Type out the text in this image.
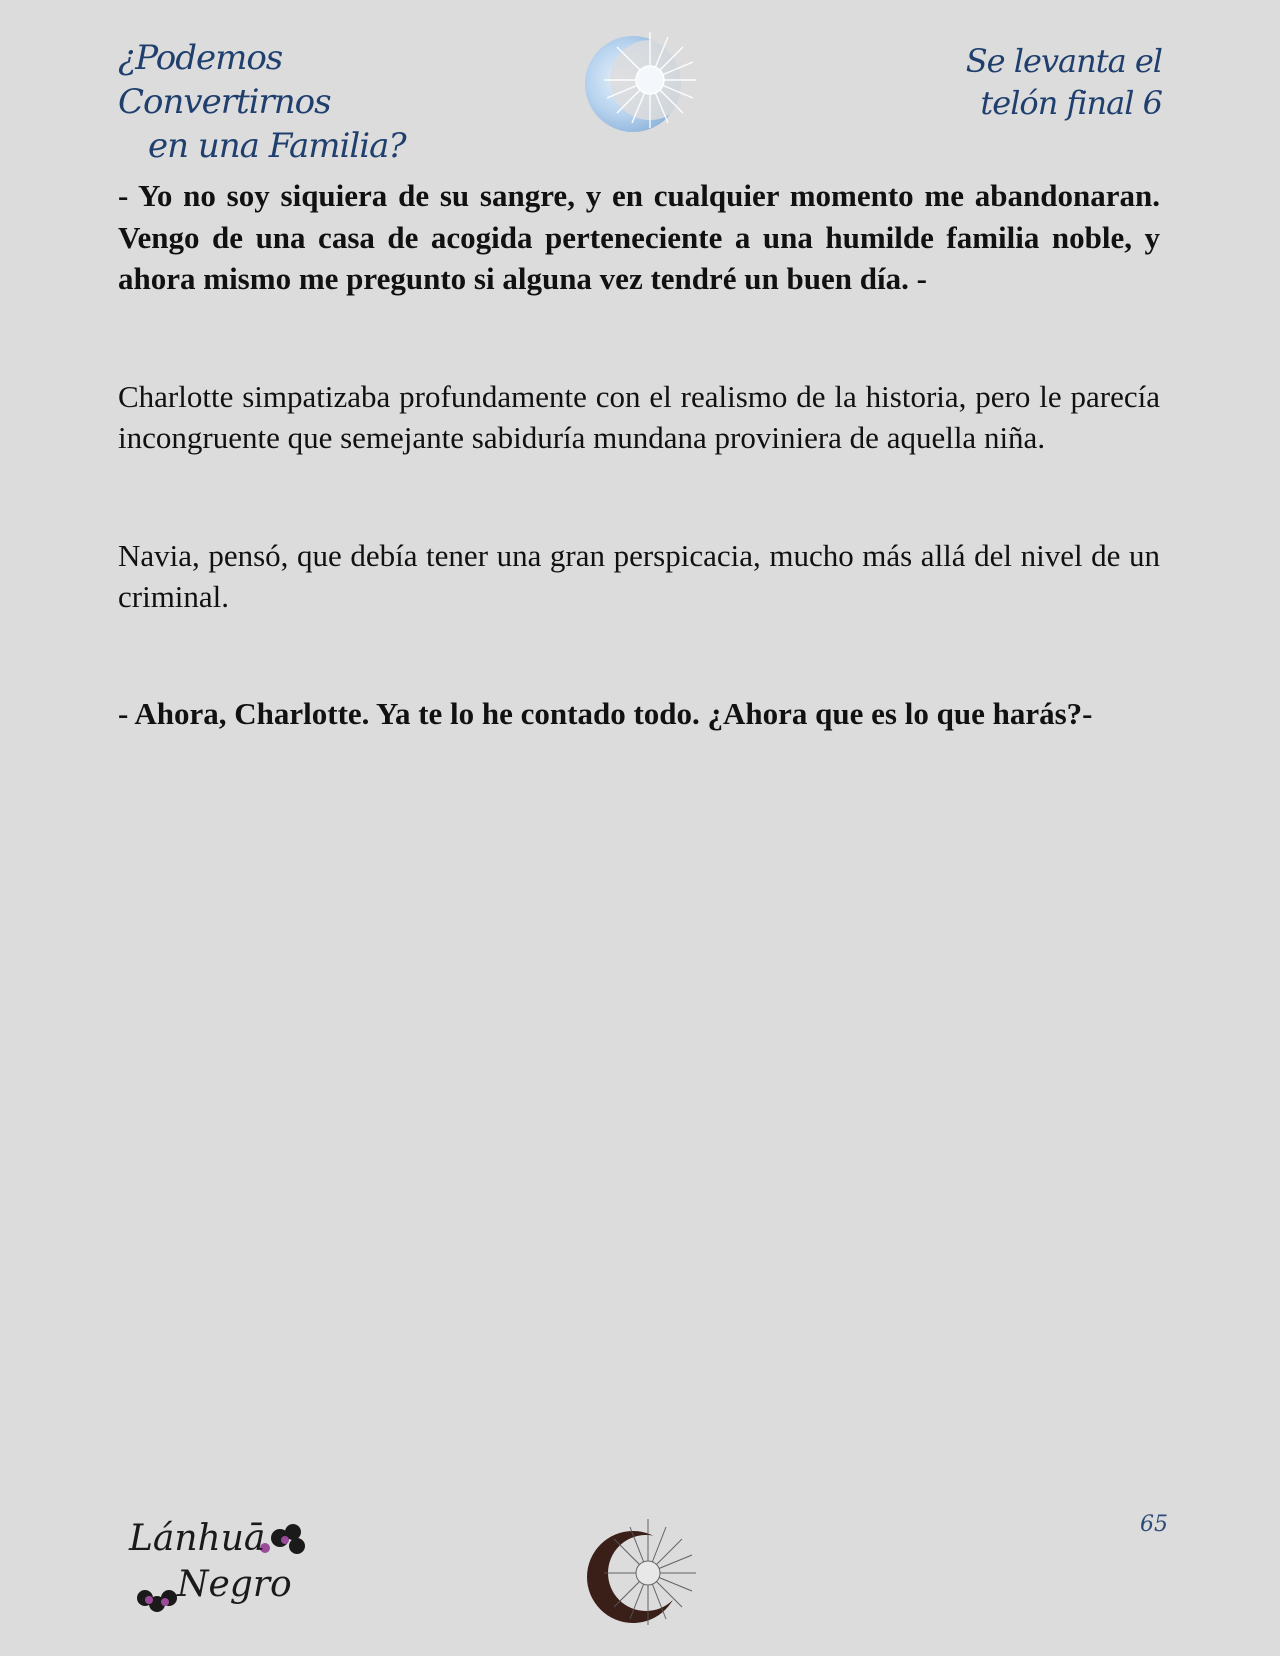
¿Podemos Convertirnos
en una Familia?
Se levanta el
telón final 6

- Yo no soy siquiera de su sangre, y en cualquier momento me abandonaran. Vengo de una casa de acogida perteneciente a una humilde familia noble, y ahora mismo me pregunto si alguna vez tendré un buen día. -

Charlotte simpatizaba profundamente con el realismo de la historia, pero le parecía incongruente que semejante sabiduría mundana proviniera de aquella niña.

Navia, pensó, que debía tener una gran perspicacia, mucho más allá del nivel de un criminal.

- Ahora, Charlotte. Ya te lo he contado todo. ¿Ahora que es lo que harás?-

Lánhuā
Negro
65
